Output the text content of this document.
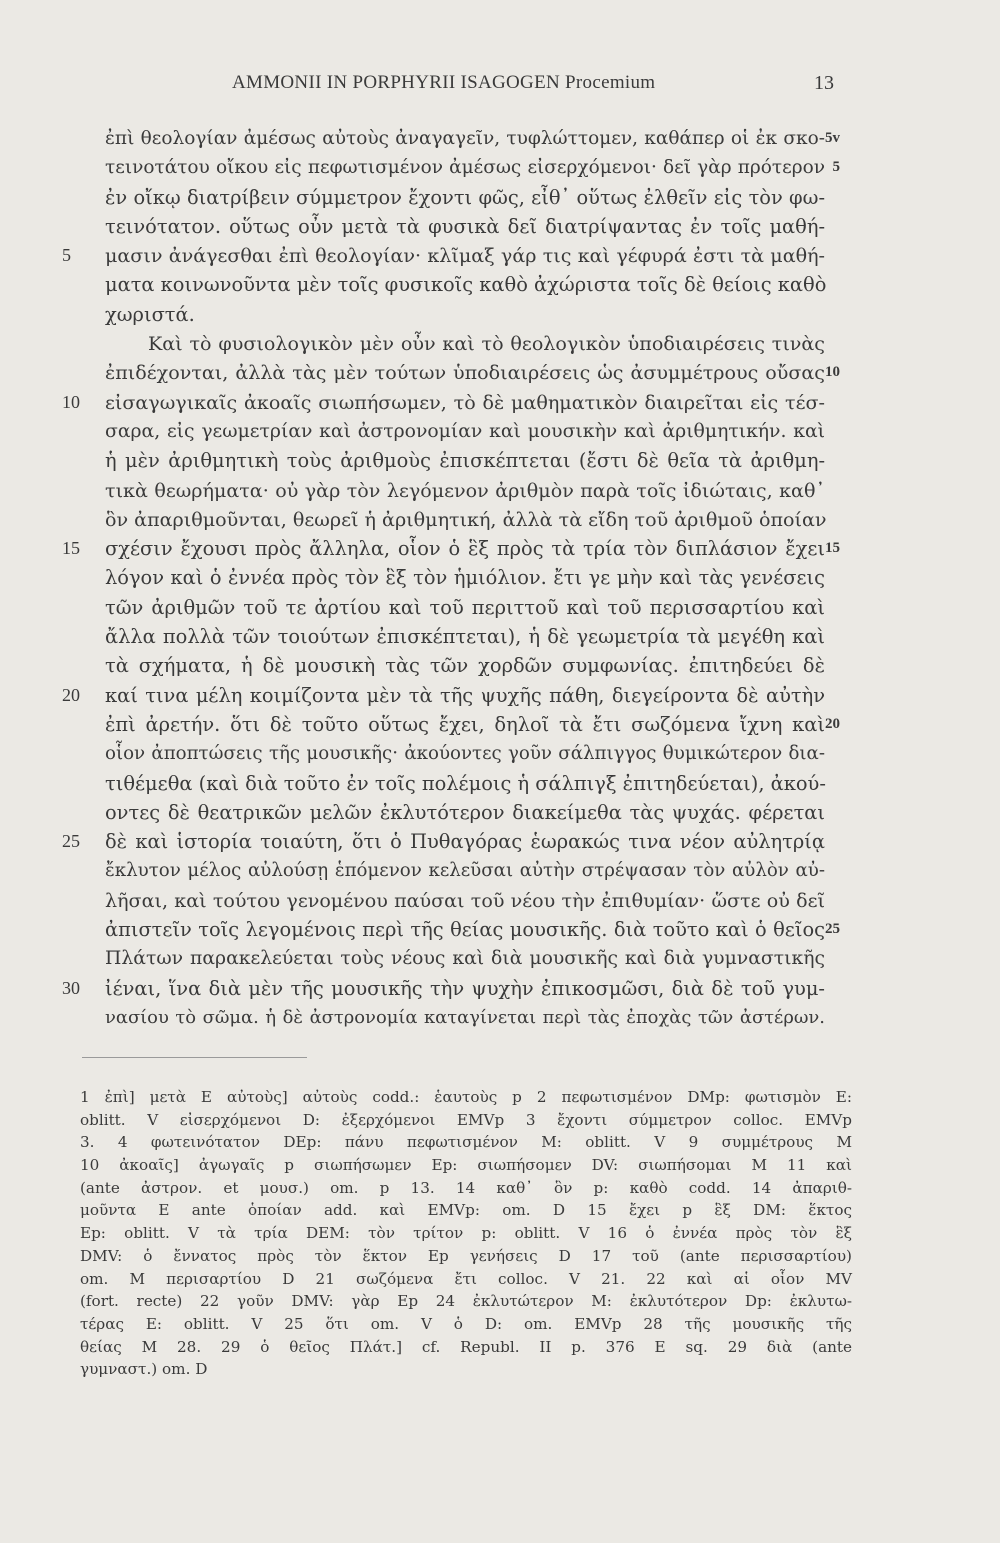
AMMONII IN PORPHYRII ISAGOGEN Procemium	13
ἐπὶ θεολογίαν ἀμέσως αὐτοὺς ἀναγαγεῖν, τυφλώττομεν, καθάπερ οἱ ἐκ σκο- 5v
τεινοτάτου οἴκου εἰς πεφωτισμένον ἀμέσως εἰσερχόμενοι· δεῖ γὰρ πρότερον 5
ἐν οἴκῳ διατρίβειν σύμμετρον ἔχοντι φῶς, εἶθ᾽ οὕτως ἐλθεῖν εἰς τὸν φω-
τεινότατον. οὕτως οὖν μετὰ τὰ φυσικὰ δεῖ διατρίψαντας ἐν τοῖς μαθή-
5	μασιν ἀνάγεσθαι ἐπὶ θεολογίαν· κλῖμαξ γάρ τις καὶ γέφυρά ἐστι τὰ μαθή-
ματα κοινωνοῦντα μὲν τοῖς φυσικοῖς καθὸ ἀχώριστα τοῖς δὲ θείοις καθὸ
χωριστά.
Καὶ τὸ φυσιολογικὸν μὲν οὖν καὶ τὸ θεολογικὸν ὑποδιαιρέσεις τινὰς
ἐπιδέχονται, ἀλλὰ τὰς μὲν τούτων ὑποδιαιρέσεις ὡς ἀσυμμέτρους οὔσας 10
10	εἰσαγωγικαῖς ἀκοαῖς σιωπήσωμεν, τὸ δὲ μαθηματικὸν διαιρεῖται εἰς τέσ-
σαρα, εἰς γεωμετρίαν καὶ ἀστρονομίαν καὶ μουσικὴν καὶ ἀριθμητικήν. καὶ
ἡ μὲν ἀριθμητικὴ τοὺς ἀριθμοὺς ἐπισκέπτεται (ἔστι δὲ θεῖα τὰ ἀριθμη-
τικὰ θεωρήματα· οὐ γὰρ τὸν λεγόμενον ἀριθμὸν παρὰ τοῖς ἰδιώταις, καθ᾽
ὃν ἀπαριθμοῦνται, θεωρεῖ ἡ ἀριθμητική, ἀλλὰ τὰ εἴδη τοῦ ἀριθμοῦ ὁποίαν
15	σχέσιν ἔχουσι πρὸς ἄλληλα, οἷον ὁ ἓξ πρὸς τὰ τρία τὸν διπλάσιον ἔχει 15
λόγον καὶ ὁ ἐννέα πρὸς τὸν ἓξ τὸν ἡμιόλιον. ἔτι γε μὴν καὶ τὰς γενέσεις
τῶν ἀριθμῶν τοῦ τε ἀρτίου καὶ τοῦ περιττοῦ καὶ τοῦ περισσαρτίου καὶ
ἄλλα πολλὰ τῶν τοιούτων ἐπισκέπτεται), ἡ δὲ γεωμετρία τὰ μεγέθη καὶ
τὰ σχήματα, ἡ δὲ μουσικὴ τὰς τῶν χορδῶν συμφωνίας. ἐπιτηδεύει δὲ
20	καί τινα μέλη κοιμίζοντα μὲν τὰ τῆς ψυχῆς πάθη, διεγείροντα δὲ αὐτὴν
ἐπὶ ἀρετήν. ὅτι δὲ τοῦτο οὕτως ἔχει, δηλοῖ τὰ ἔτι σωζόμενα ἴχνη καὶ 20
οἷον ἀποπτώσεις τῆς μουσικῆς· ἀκούοντες γοῦν σάλπιγγος θυμικώτερον δια-
τιθέμεθα (καὶ διὰ τοῦτο ἐν τοῖς πολέμοις ἡ σάλπιγξ ἐπιτηδεύεται), ἀκού-
οντες δὲ θεατρικῶν μελῶν ἐκλυτότερον διακείμεθα τὰς ψυχάς. φέρεται
25	δὲ καὶ ἱστορία τοιαύτη, ὅτι ὁ Πυθαγόρας ἑωρακώς τινα νέον αὐλητρίᾳ
ἔκλυτον μέλος αὐλούσῃ ἑπόμενον κελεῦσαι αὐτὴν στρέψασαν τὸν αὐλὸν αὐ-
λῆσαι, καὶ τούτου γενομένου παύσαι τοῦ νέου τὴν ἐπιθυμίαν· ὥστε οὐ δεῖ
ἀπιστεῖν τοῖς λεγομένοις περὶ τῆς θείας μουσικῆς. διὰ τοῦτο καὶ ὁ θεῖος 25
Πλάτων παρακελεύεται τοὺς νέους καὶ διὰ μουσικῆς καὶ διὰ γυμναστικῆς
30	ἰέναι, ἵνα διὰ μὲν τῆς μουσικῆς τὴν ψυχὴν ἐπικοσμῶσι, διὰ δὲ τοῦ γυμ-
νασίου τὸ σῶμα. ἡ δὲ ἀστρονομία καταγίνεται περὶ τὰς ἐποχὰς τῶν ἀστέρων.
1 ἐπὶ] μετὰ E αὐτοὺς] αὐτοὺς codd.: ἑαυτοὺς p 2 πεφωτισμένον DMp: φωτισμὸν E:
oblitt. V εἰσερχόμενοι D: ἐξερχόμενοι EMVp 3 ἔχοντι σύμμετρον colloc. EMVp
3. 4 φωτεινότατον DEp: πάνυ πεφωτισμένον M: oblitt. V 9 συμμέτρους M
10 ἀκοαῖς] ἀγωγαῖς p σιωπήσωμεν Ep: σιωπήσομεν DV: σιωπήσομαι M 11 καὶ
(ante ἀστρον. et μουσ.) om. p 13. 14 καθ᾽ ὃν p: καθὸ codd. 14 ἀπαριθ-
μοῦντα E ante ὁποίαν add. καὶ EMVp: om. D 15 ἔχει p ἓξ DM: ἕκτος
Ep: oblitt. V τὰ τρία DEM: τὸν τρίτον p: oblitt. V 16 ὁ ἐννέα πρὸς τὸν ἓξ
DMV: ὁ ἔννατος πρὸς τὸν ἕκτον Ep γενήσεις D 17 τοῦ (ante περισσαρτίου)
om. M περισαρτίου D 21 σωζόμενα ἔτι colloc. V 21. 22 καὶ αἱ οἷον MV
(fort. recte) 22 γοῦν DMV: γὰρ Ep 24 ἐκλυτώτερον M: ἐκλυτότερον Dp: ἐκλυτω-
τέρας E: oblitt. V 25 ὅτι om. V ὁ D: om. EMVp 28 τῆς μουσικῆς τῆς
θείας M 28. 29 ὁ θεῖος Πλάτ.] cf. Republ. II p. 376 E sq. 29 διὰ (ante
γυμναστ.) om. D
